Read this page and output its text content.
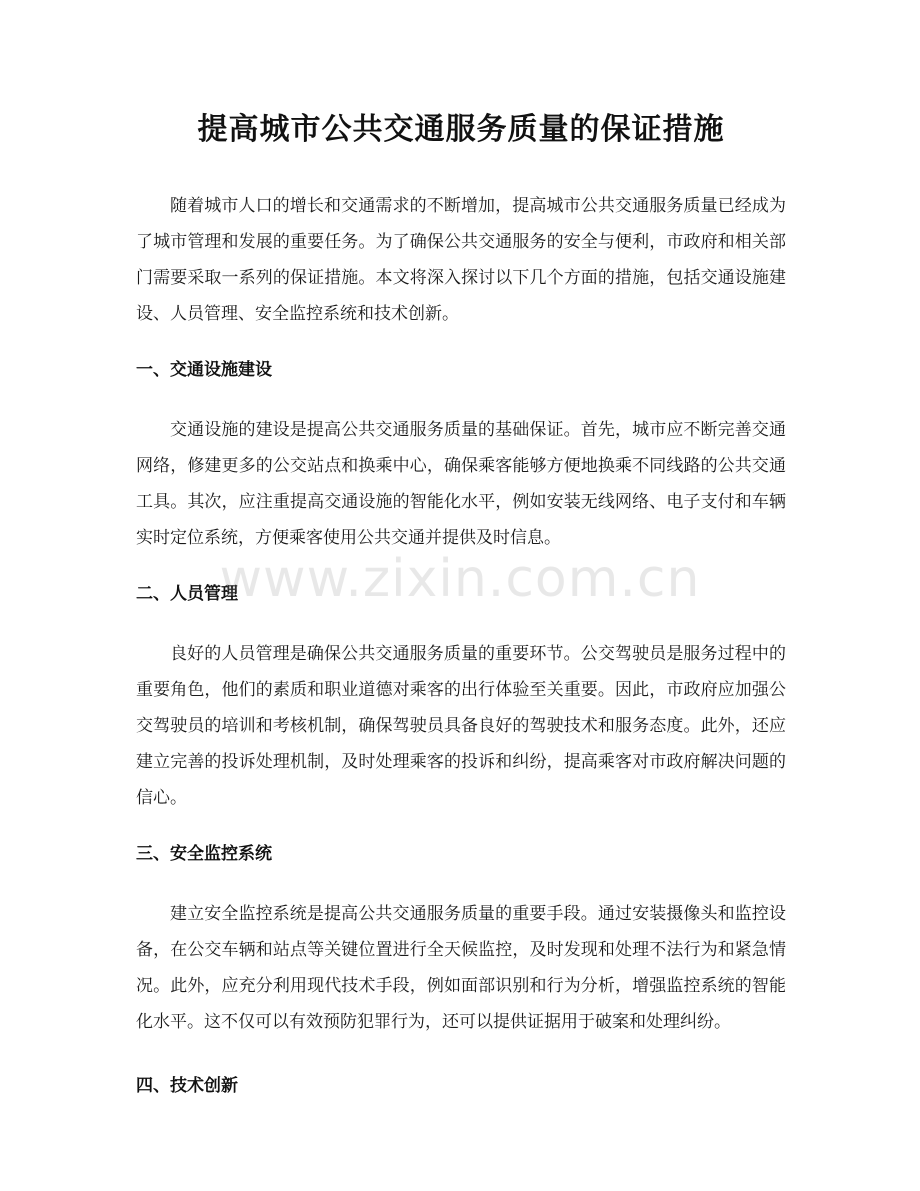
提高城市公共交通服务质量的保证措施

随着城市人口的增长和交通需求的不断增加，提高城市公共交通服务质量已经成为了城市管理和发展的重要任务。为了确保公共交通服务的安全与便利，市政府和相关部门需要采取一系列的保证措施。本文将深入探讨以下几个方面的措施，包括交通设施建设、人员管理、安全监控系统和技术创新。

一、交通设施建设

交通设施的建设是提高公共交通服务质量的基础保证。首先，城市应不断完善交通网络，修建更多的公交站点和换乘中心，确保乘客能够方便地换乘不同线路的公共交通工具。其次，应注重提高交通设施的智能化水平，例如安装无线网络、电子支付和车辆实时定位系统，方便乘客使用公共交通并提供及时信息。

二、人员管理

良好的人员管理是确保公共交通服务质量的重要环节。公交驾驶员是服务过程中的重要角色，他们的素质和职业道德对乘客的出行体验至关重要。因此，市政府应加强公交驾驶员的培训和考核机制，确保驾驶员具备良好的驾驶技术和服务态度。此外，还应建立完善的投诉处理机制，及时处理乘客的投诉和纠纷，提高乘客对市政府解决问题的信心。

三、安全监控系统

建立安全监控系统是提高公共交通服务质量的重要手段。通过安装摄像头和监控设备，在公交车辆和站点等关键位置进行全天候监控，及时发现和处理不法行为和紧急情况。此外，应充分利用现代技术手段，例如面部识别和行为分析，增强监控系统的智能化水平。这不仅可以有效预防犯罪行为，还可以提供证据用于破案和处理纠纷。

四、技术创新
www.zixin.com.cn
